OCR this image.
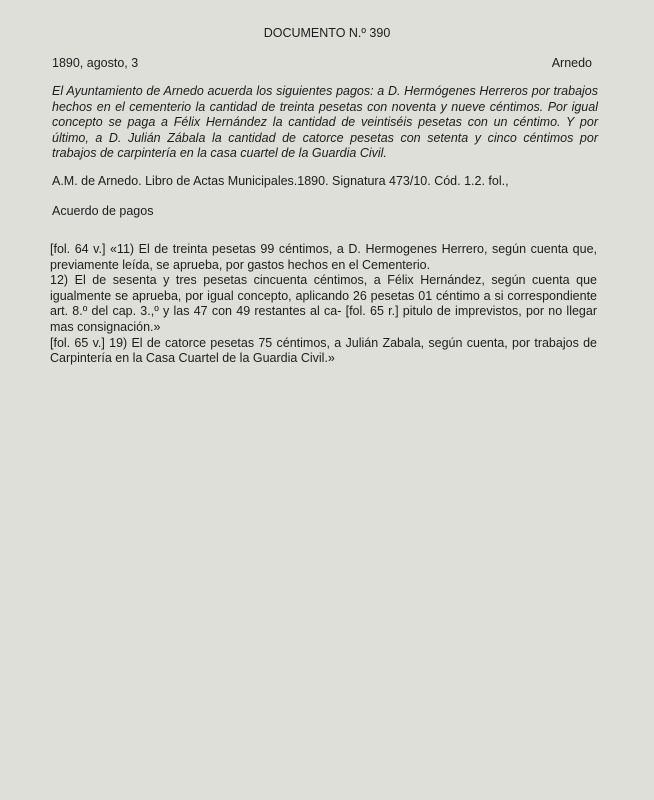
DOCUMENTO N.º 390
1890, agosto, 3	Arnedo
El Ayuntamiento de Arnedo acuerda los siguientes pagos: a D. Hermógenes Herreros por trabajos hechos en el cementerio la cantidad de treinta pesetas con noventa y nueve céntimos. Por igual concepto se paga a Félix Hernández la cantidad de veintiséis pesetas con un céntimo. Y por último, a D. Julián Zábala la cantidad de catorce pesetas con setenta y cinco céntimos por trabajos de carpintería en la casa cuartel de la Guardia Civil.
A.M. de Arnedo. Libro de Actas Municipales.1890. Signatura 473/10. Cód. 1.2. fol.,
Acuerdo de pagos

[fol. 64 v.] «11) El de treinta pesetas 99 céntimos, a D. Hermogenes Herrero, según cuenta que, previamente leída, se aprueba, por gastos hechos en el Cementerio.

12) El de sesenta y tres pesetas cincuenta céntimos, a Félix Hernández, según cuenta que igualmente se aprueba, por igual concepto, aplicando 26 pesetas 01 céntimo a si correspondiente art. 8.º del cap. 3.,º y las 47 con 49 restantes al ca- [fol. 65 r.] pitulo de imprevistos, por no llegar mas consignación.»

[fol. 65 v.] 19) El de catorce pesetas 75 céntimos, a Julián Zabala, según cuenta, por trabajos de Carpintería en la Casa Cuartel de la Guardia Civil.»
